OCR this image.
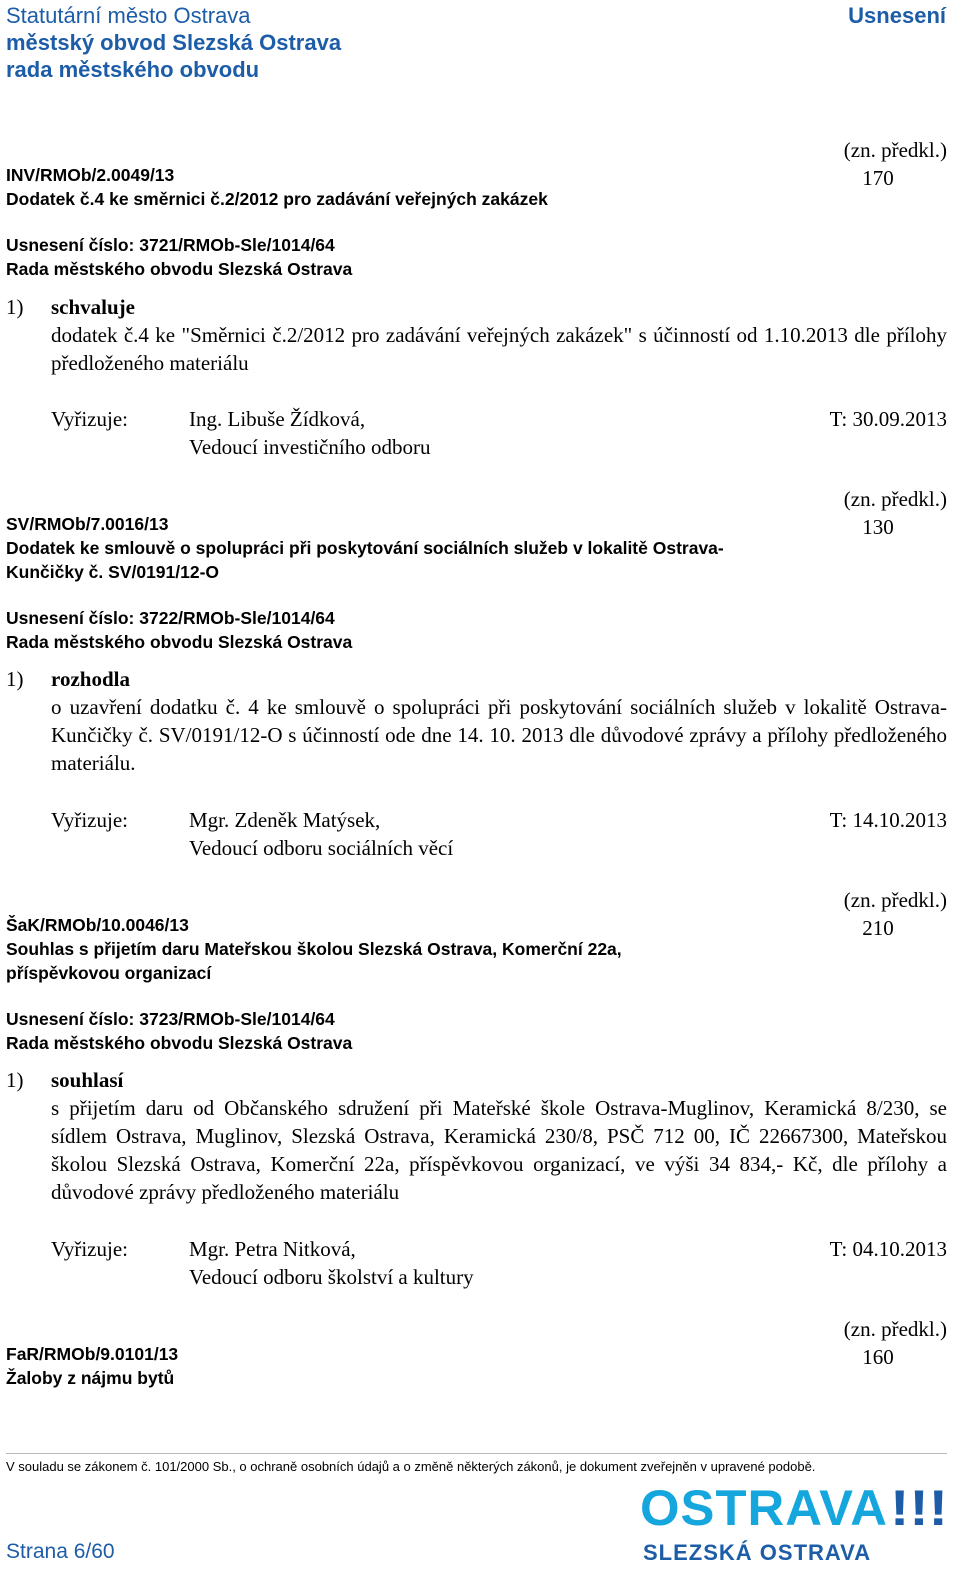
Statutární město Ostrava
městský obvod Slezská Ostrava
rada městského obvodu
Usnesení
(zn. předkl.)
170
INV/RMOb/2.0049/13
Dodatek č.4 ke směrnici č.2/2012 pro zadávání veřejných zakázek
Usnesení číslo: 3721/RMOb-Sle/1014/64
Rada městského obvodu Slezská Ostrava
1) schvaluje
dodatek č.4 ke "Směrnici č.2/2012 pro zadávání veřejných zakázek" s účinností od 1.10.2013 dle přílohy předloženého materiálu
Vyřizuje:	Ing. Libuše Žídková,
Vedoucí investičního odboru
T: 30.09.2013
(zn. předkl.)
130
SV/RMOb/7.0016/13
Dodatek ke smlouvě o spolupráci při poskytování sociálních služeb v lokalitě Ostrava-
Kunčičky č. SV/0191/12-O
Usnesení číslo: 3722/RMOb-Sle/1014/64
Rada městského obvodu Slezská Ostrava
1) rozhodla
o uzavření dodatku č. 4 ke smlouvě o spolupráci při poskytování sociálních služeb v lokalitě Ostrava-Kunčičky č. SV/0191/12-O s účinností ode dne 14. 10. 2013 dle důvodové zprávy a přílohy předloženého materiálu.
Vyřizuje:	Mgr. Zdeněk Matýsek,
Vedoucí odboru sociálních věcí
T: 14.10.2013
(zn. předkl.)
210
ŠaK/RMOb/10.0046/13
Souhlas s přijetím daru Mateřskou školou Slezská Ostrava, Komerční 22a,
příspěvkovou organizací
Usnesení číslo: 3723/RMOb-Sle/1014/64
Rada městského obvodu Slezská Ostrava
1) souhlasí
s přijetím daru od Občanského sdružení při Mateřské škole Ostrava-Muglinov, Keramická 8/230, se sídlem Ostrava, Muglinov, Slezská Ostrava, Keramická 230/8, PSČ 712 00, IČ 22667300, Mateřskou školou Slezská Ostrava, Komerční 22a, příspěvkovou organizací, ve výši 34 834,- Kč, dle přílohy a důvodové zprávy předloženého materiálu
Vyřizuje:	Mgr. Petra Nitková,
Vedoucí odboru školství a kultury
T: 04.10.2013
(zn. předkl.)
160
FaR/RMOb/9.0101/13
Žaloby z nájmu bytů
V souladu se zákonem č. 101/2000 Sb., o ochraně osobních údajů a o změně některých zákonů, je dokument zveřejněn v upravené podobě.
Strana 6/60
OSTRAVA !!!
SLEZSKÁ OSTRAVA
